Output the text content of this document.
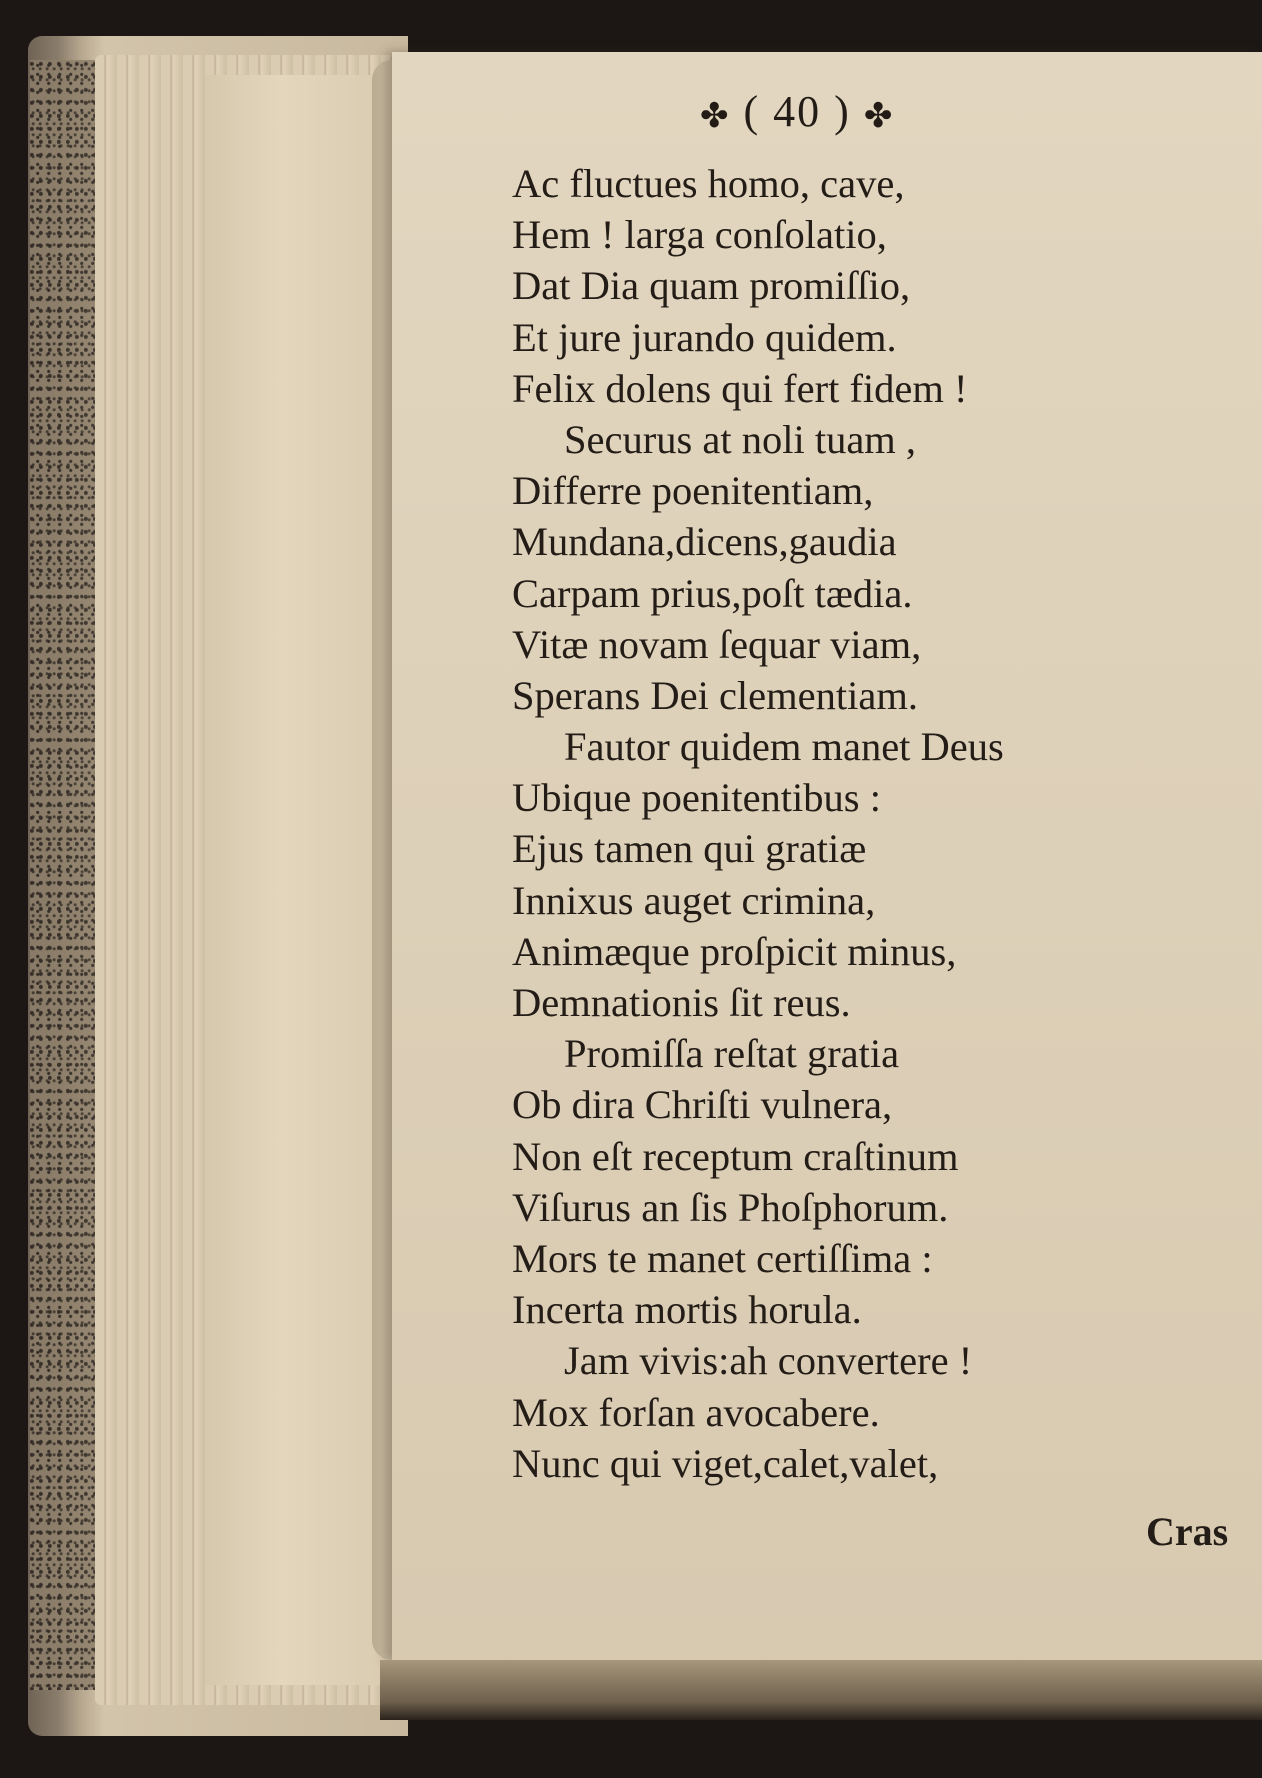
✤ ( 40 ) ✤
Ac fluctues homo, cave,
Hem ! larga conſolatio,
Dat Dia quam promiſſio,
Et jure jurando quidem.
Felix dolens qui fert fidem !
Securus at noli tuam ,
Differre poenitentiam,
Mundana,dicens,gaudia
Carpam prius,poſt tædia.
Vitæ novam ſequar viam,
Sperans Dei clementiam.
Fautor quidem manet Deus
Ubique poenitentibus :
Ejus tamen qui gratiæ
Innixus auget crimina,
Animæque proſpicit minus,
Demnationis ſit reus.
Promiſſa reſtat gratia
Ob dira Chriſti vulnera,
Non eſt receptum craſtinum
Viſurus an ſis Phoſphorum.
Mors te manet certiſſima :
Incerta mortis horula.
Jam vivis:ah convertere !
Mox forſan avocabere.
Nunc qui viget,calet,valet,
Cras
